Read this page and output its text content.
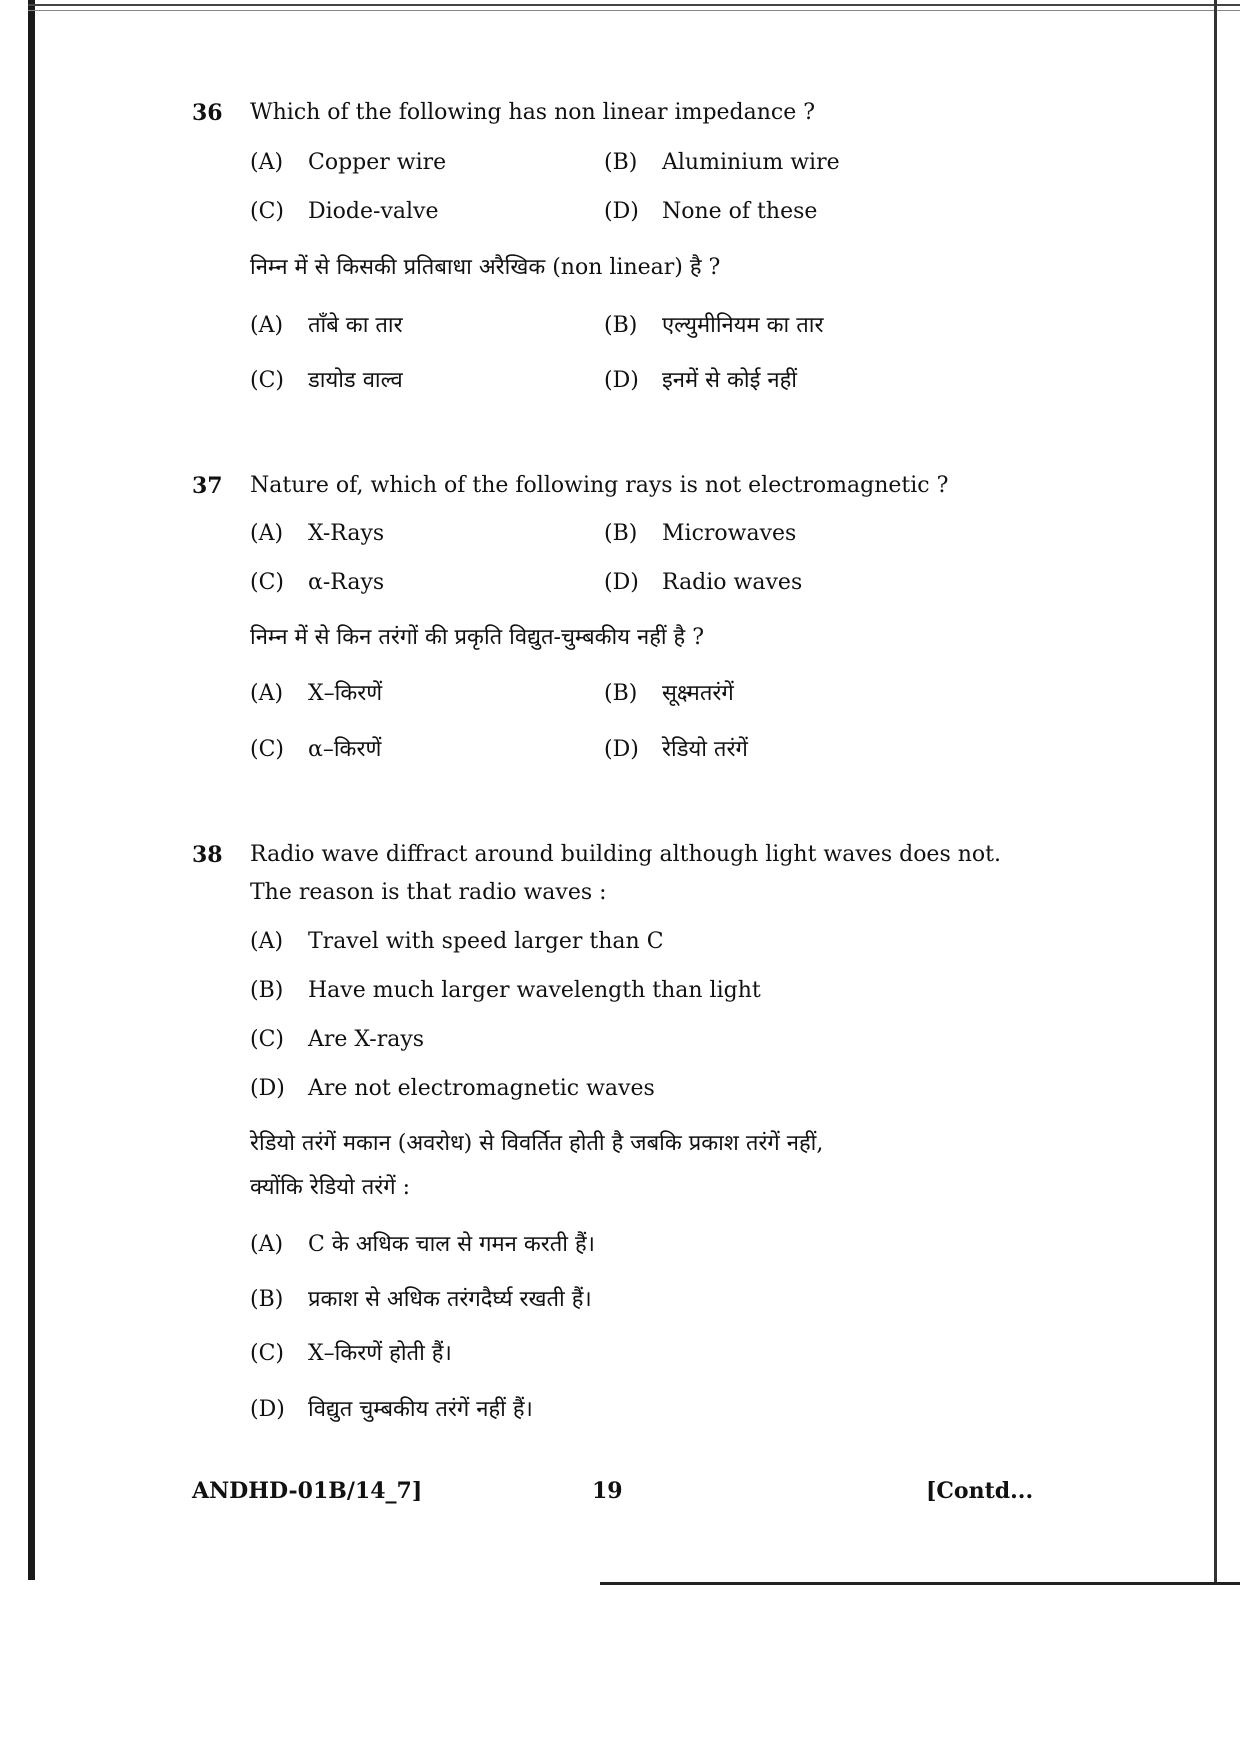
36 Which of the following has non linear impedance ?
(A) Copper wire	(B) Aluminium wire
(C) Diode-valve	(D) None of these
निम्न में से किसकी प्रतिबाधा अरैखिक (non linear) है ?
(A) ताँबे का तार	(B) एल्युमीनियम का तार
(C) डायोड वाल्व	(D) इनमें से कोई नहीं
37 Nature of, which of the following rays is not electromagnetic ?
(A) X-Rays	(B) Microwaves
(C) α-Rays	(D) Radio waves
निम्न में से किन तरंगों की प्रकृति विद्युत-चुम्बकीय नहीं है ?
(A) X–किरणें	(B) सूक्ष्मतरंगें
(C) α–किरणें	(D) रेडियो तरंगें
38 Radio wave diffract around building although light waves does not.
The reason is that radio waves :
(A) Travel with speed larger than C
(B) Have much larger wavelength than light
(C) Are X-rays
(D) Are not electromagnetic waves
रेडियो तरंगें मकान (अवरोध) से विवर्तित होती है जबकि प्रकाश तरंगें नहीं,
क्योंकि रेडियो तरंगें :
(A) C के अधिक चाल से गमन करती हैं।
(B) प्रकाश से अधिक तरंगदैर्घ्य रखती हैं।
(C) X–किरणें होती हैं।
(D) विद्युत चुम्बकीय तरंगें नहीं हैं।
ANDHD-01B/14_7]	19	[Contd...
